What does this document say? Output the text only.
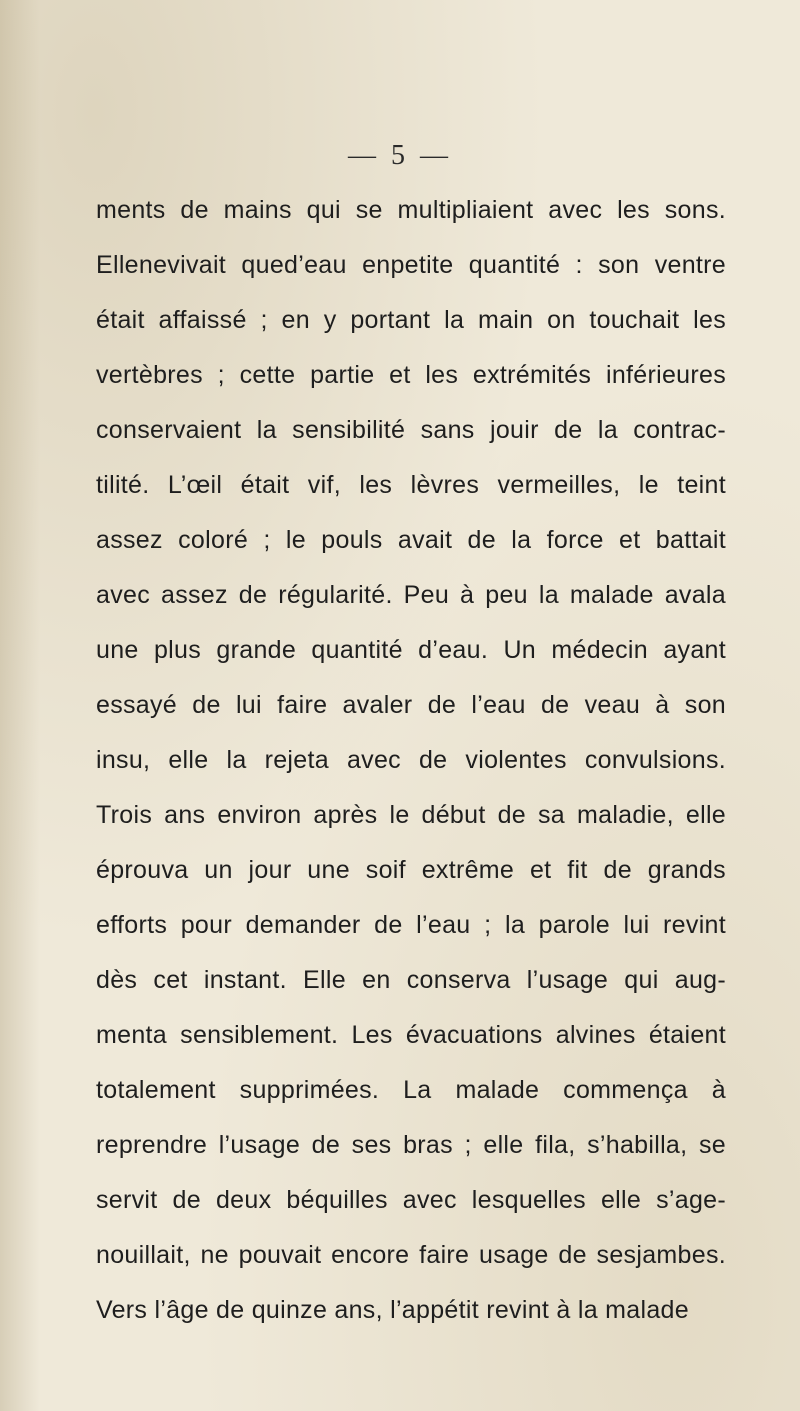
— 5 —
ments de mains qui se multipliaient avec les sons.
Ellenevivait qued’eau enpetite quantité : son ventre
était affaissé ; en y portant la main on touchait les
vertèbres ; cette partie et les extrémités inférieures
conservaient la sensibilité sans jouir de la contrac-
tilité. L’œil était vif, les lèvres vermeilles, le teint
assez coloré ; le pouls avait de la force et battait
avec assez de régularité. Peu à peu la malade avala
une plus grande quantité d’eau. Un médecin ayant
essayé de lui faire avaler de l’eau de veau à son
insu, elle la rejeta avec de violentes convulsions.
Trois ans environ après le début de sa maladie, elle
éprouva un jour une soif extrême et fit de grands
efforts pour demander de l’eau ; la parole lui revint
dès cet instant. Elle en conserva l’usage qui aug-
menta sensiblement. Les évacuations alvines étaient
totalement supprimées. La malade commença à
reprendre l’usage de ses bras ; elle fila, s’habilla, se
servit de deux béquilles avec lesquelles elle s’age-
nouillait, ne pouvait encore faire usage de sesjambes.
Vers l’âge de quinze ans, l’appétit revint à la malade
